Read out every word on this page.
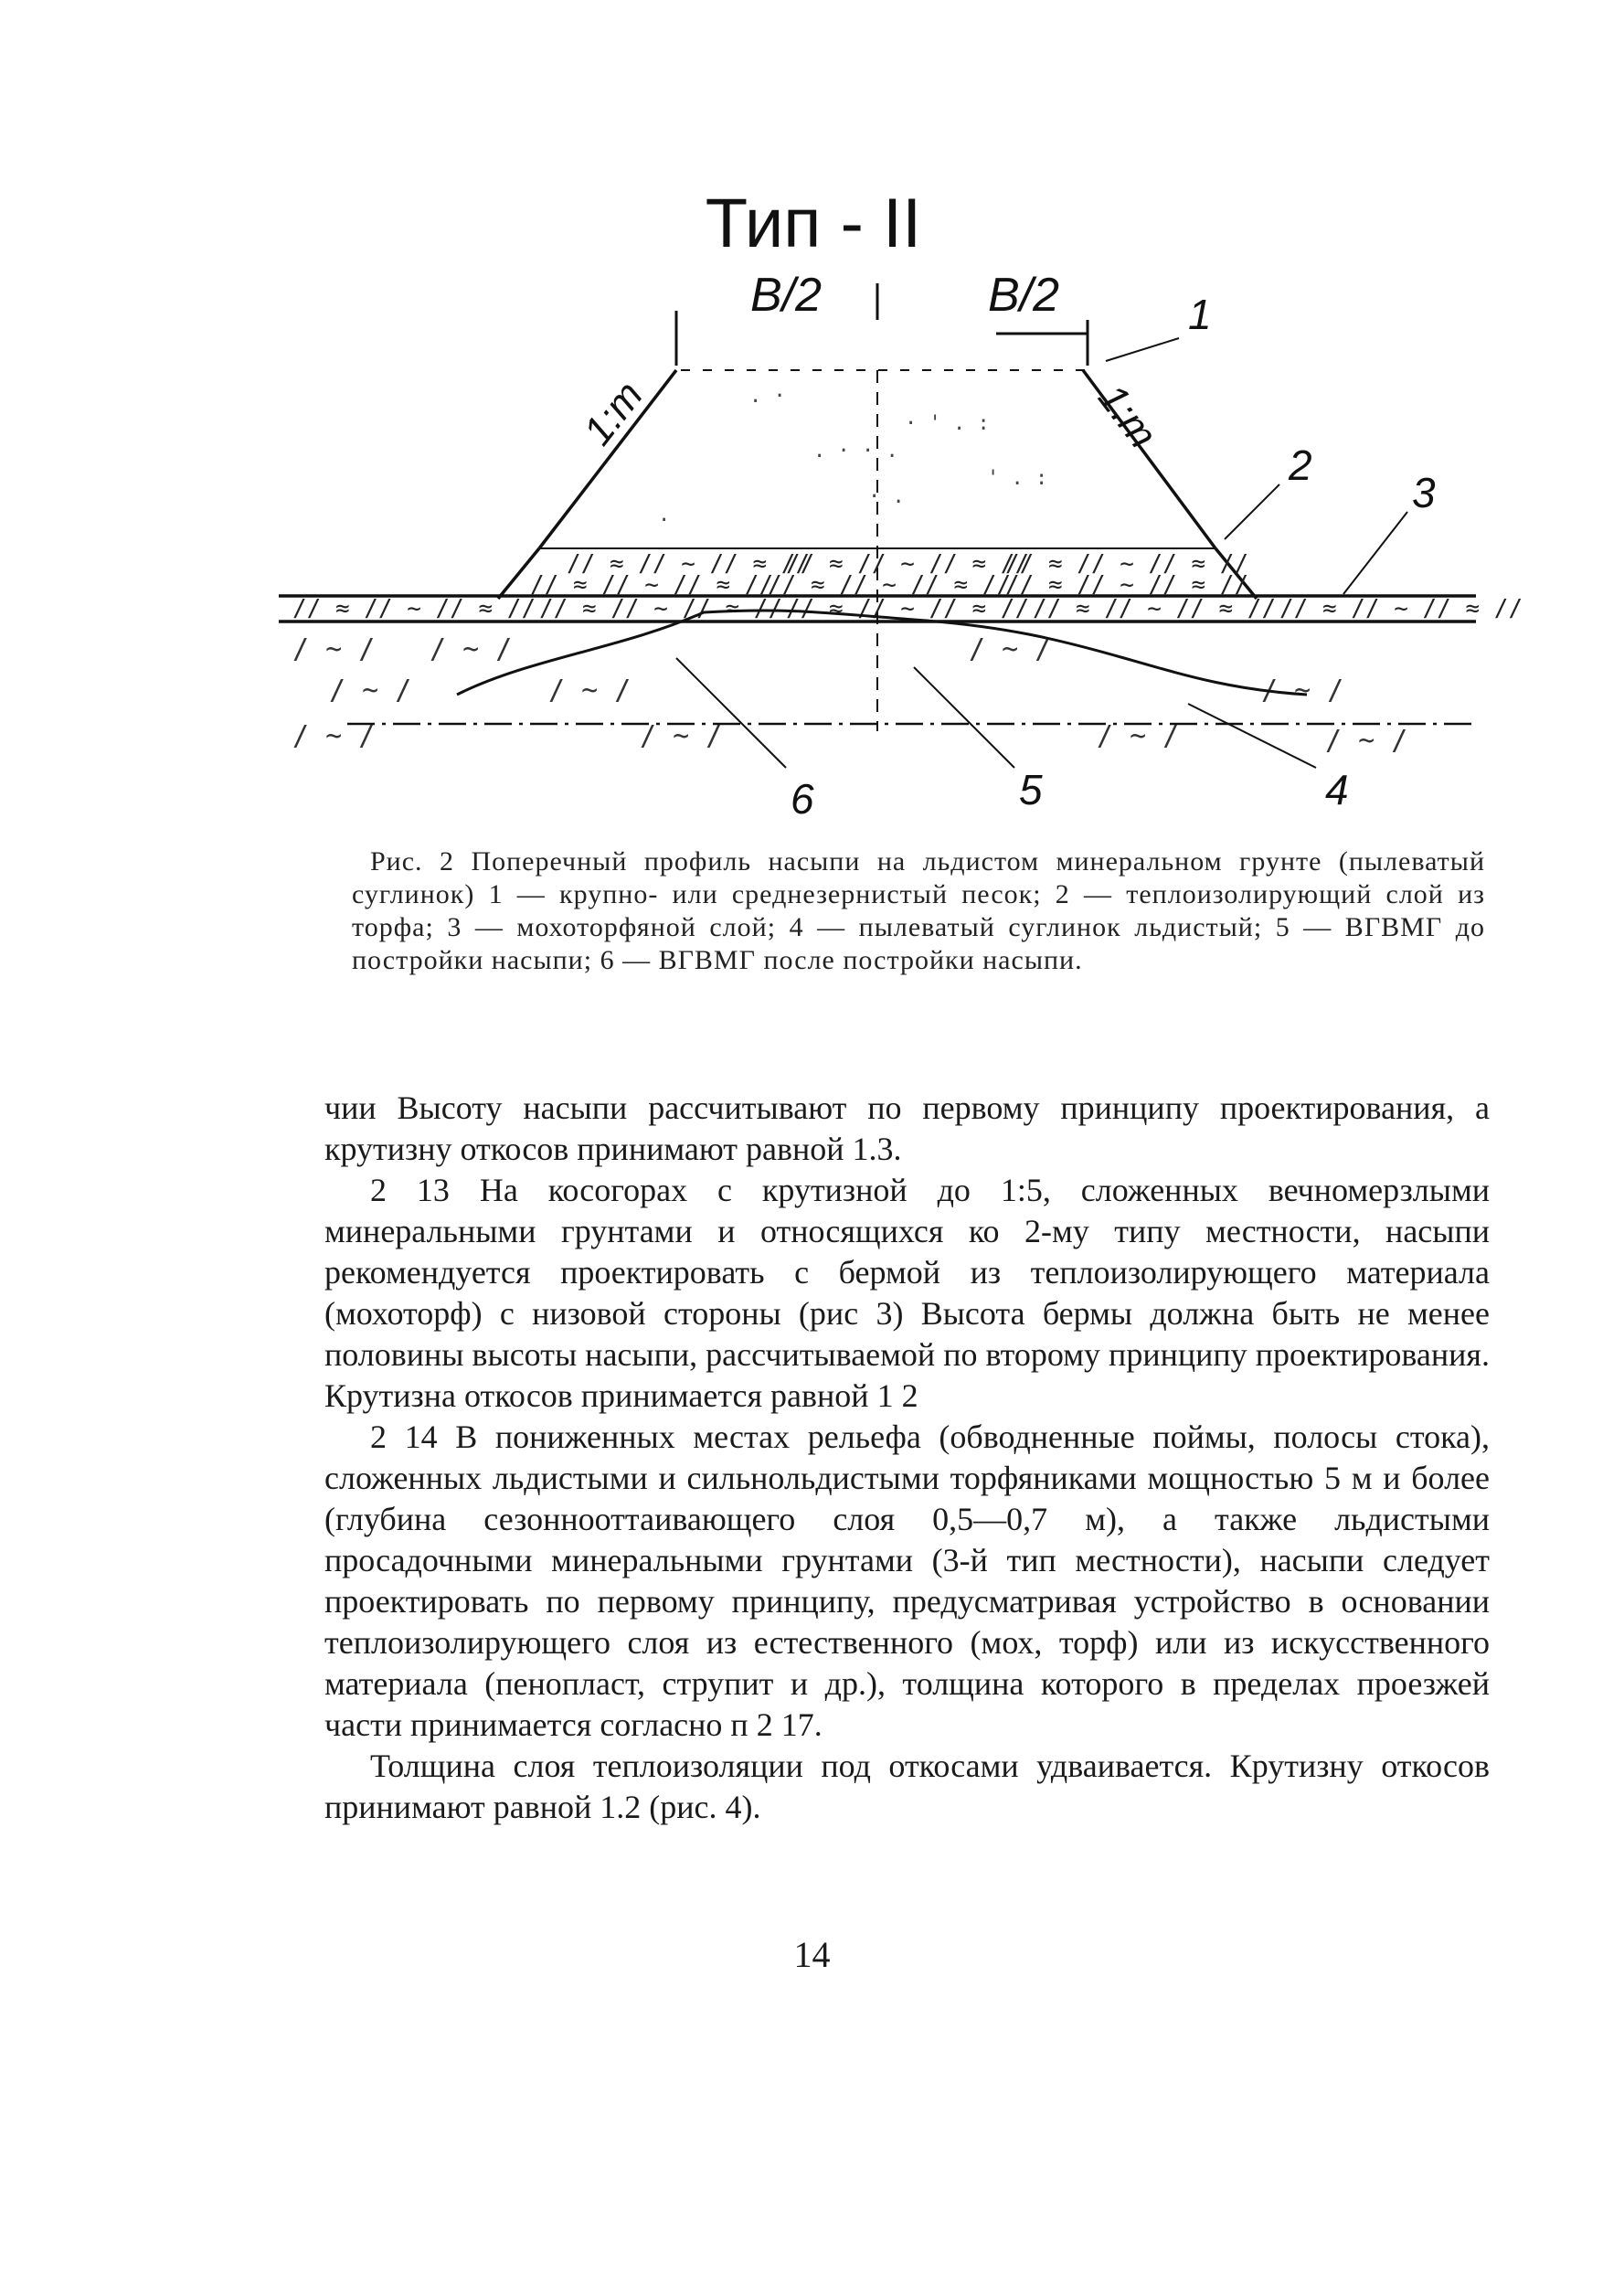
Тип - II
B/2	B/2
. ·
· ' . :
. · · .
' . :
· .
.
// ≈ // ~ // ≈ //
// ≈ // ~ // ≈ //
// ≈ // ~ // ≈ //
// ≈ // ~ // ≈ //
// ≈ // ~ // ≈ //
// ≈ // ~ // ≈ //
// ≈ // ~ // ≈ // // ≈ // ~ // ≈ // // ≈ // ~ // ≈ // // ≈ // ~ // ≈ // // ≈ // ~ // ≈ //
/ ~ / / ~ /	/ ~ /
/ ~ /	/ ~ /	/ ~ /
/ ~ /	/ ~ /	/ ~ /	/ ~ /
1:m	1:m
1
2
3
4
5
6
Рис. 2 Поперечный профиль насыпи на льдистом минеральном грунте (пылеватый суглинок) 1 — крупно- или среднезернистый песок; 2 — теплоизолирующий слой из торфа; 3 — мохоторфяной слой; 4 — пылеватый суглинок льдистый; 5 — ВГВМГ до постройки насыпи; 6 — ВГВМГ после постройки насыпи.

чии Высоту насыпи рассчитывают по первому принципу проектирования, а крутизну откосов принимают равной 1.3.

2 13 На косогорах с крутизной до 1:5, сложенных вечномерзлыми минеральными грунтами и относящихся ко 2-му типу местности, насыпи рекомендуется проектировать с бермой из теплоизолирующего материала (мохоторф) с низовой стороны (рис 3) Высота бермы должна быть не менее половины высоты насыпи, рассчитываемой по второму принципу проектирования. Крутизна откосов принимается равной 1 2

2 14 В пониженных местах рельефа (обводненные поймы, полосы стока), сложенных льдистыми и сильнольдистыми торфяниками мощностью 5 м и более (глубина сезоннооттаивающего слоя 0,5—0,7 м), а также льдистыми просадочными минеральными грунтами (3-й тип местности), насыпи следует проектировать по первому принципу, предусматривая устройство в основании теплоизолирующего слоя из естественного (мох, торф) или из искусственного материала (пенопласт, струпит и др.), толщина которого в пределах проезжей части принимается согласно п 2 17.

Толщина слоя теплоизоляции под откосами удваивается. Крутизну откосов принимают равной 1.2 (рис. 4).

14
